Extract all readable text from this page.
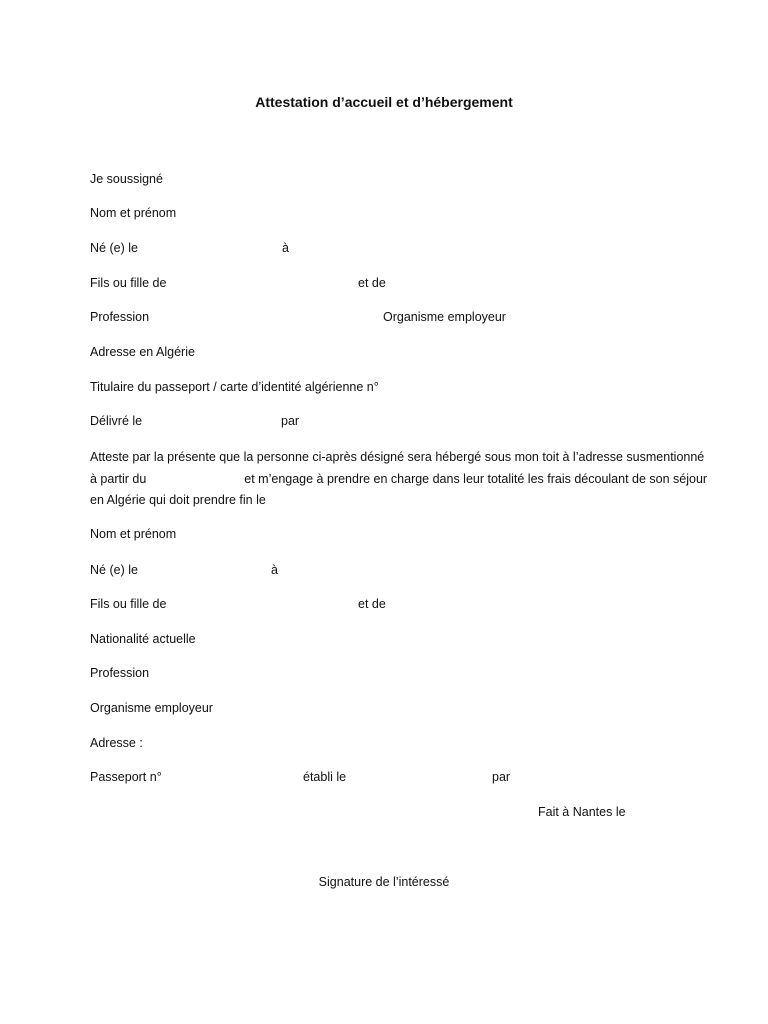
Attestation d’accueil et d’hébergement
Je soussigné
Nom et prénom
Né (e) le	à
Fils ou fille de	et de
Profession	Organisme employeur
Adresse en Algérie
Titulaire du passeport / carte d’identité algérienne n°
Délivré le	par
Atteste par la présente que la personne ci-après désigné sera hébergé sous mon toit à l’adresse susmentionné à partir du	et m’engage à prendre en charge dans leur totalité les frais découlant de son séjour en Algérie qui doit prendre fin le
Nom et prénom
Né (e) le	à
Fils ou fille de	et de
Nationalité actuelle
Profession
Organisme employeur
Adresse :
Passeport n°	établi le	par
Fait à Nantes le
Signature de l’intéressé
